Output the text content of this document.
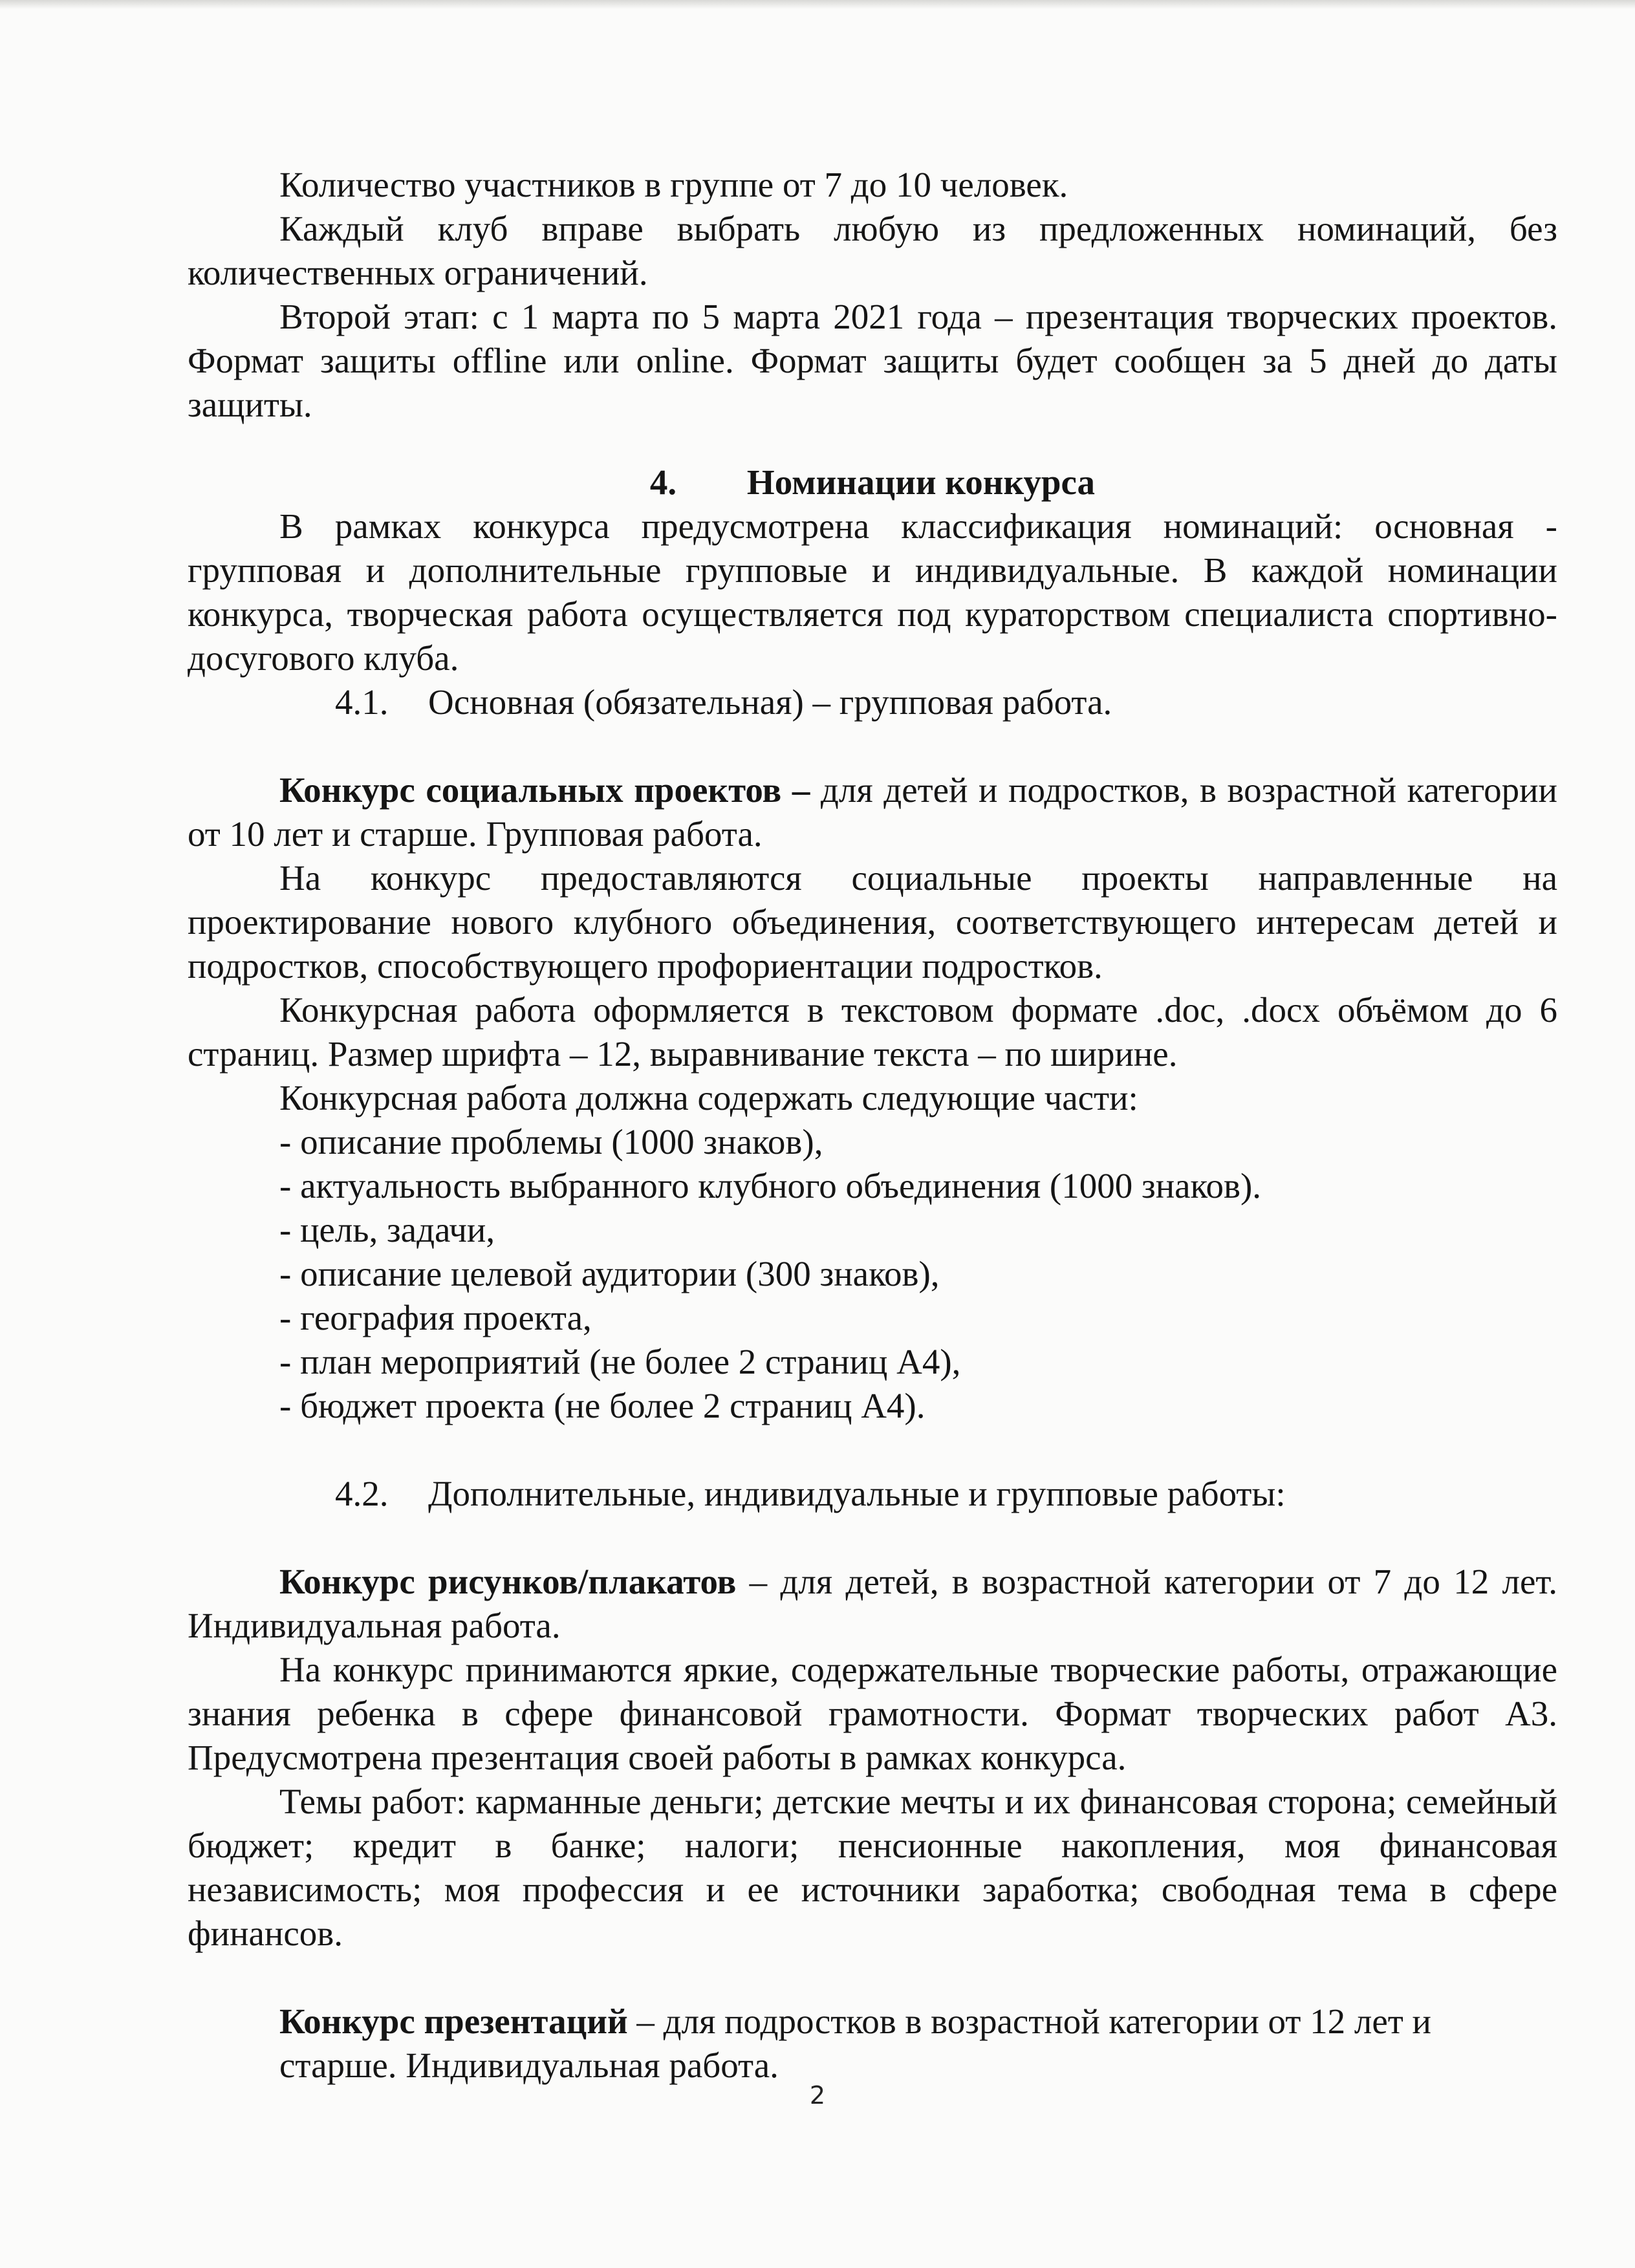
Количество участников в группе от 7 до 10 человек.

Каждый клуб вправе выбрать любую из предложенных номинаций, без количественных ограничений.

Второй этап: с 1 марта по 5 марта 2021 года – презентация творческих проектов. Формат защиты offline или online. Формат защиты будет сообщен за 5 дней до даты защиты.

4. Номинации конкурса

В рамках конкурса предусмотрена классификация номинаций: основная - групповая и дополнительные групповые и индивидуальные. В каждой номинации конкурса, творческая работа осуществляется под кураторством специалиста спортивно-досугового клуба.

4.1. Основная (обязательная) – групповая работа.

Конкурс социальных проектов – для детей и подростков, в возрастной категории от 10 лет и старше. Групповая работа.

На конкурс предоставляются социальные проекты направленные на проектирование нового клубного объединения, соответствующего интересам детей и подростков, способствующего профориентации подростков.

Конкурсная работа оформляется в текстовом формате .doc, .docx объёмом до 6 страниц. Размер шрифта – 12, выравнивание текста – по ширине.

Конкурсная работа должна содержать следующие части:

- описание проблемы (1000 знаков),

- актуальность выбранного клубного объединения (1000 знаков).

- цель, задачи,

- описание целевой аудитории (300 знаков),

- география проекта,

- план мероприятий (не более 2 страниц А4),

- бюджет проекта (не более 2 страниц А4).

4.2. Дополнительные, индивидуальные и групповые работы:

Конкурс рисунков/плакатов – для детей, в возрастной категории от 7 до 12 лет. Индивидуальная работа.

На конкурс принимаются яркие, содержательные творческие работы, отражающие знания ребенка в сфере финансовой грамотности. Формат творческих работ А3. Предусмотрена презентация своей работы в рамках конкурса.

Темы работ: карманные деньги; детские мечты и их финансовая сторона; семейный бюджет; кредит в банке; налоги; пенсионные накопления, моя финансовая независимость; моя профессия и ее источники заработка; свободная тема в сфере финансов.

Конкурс презентаций – для подростков в возрастной категории от 12 лет и

старше. Индивидуальная работа.

2
